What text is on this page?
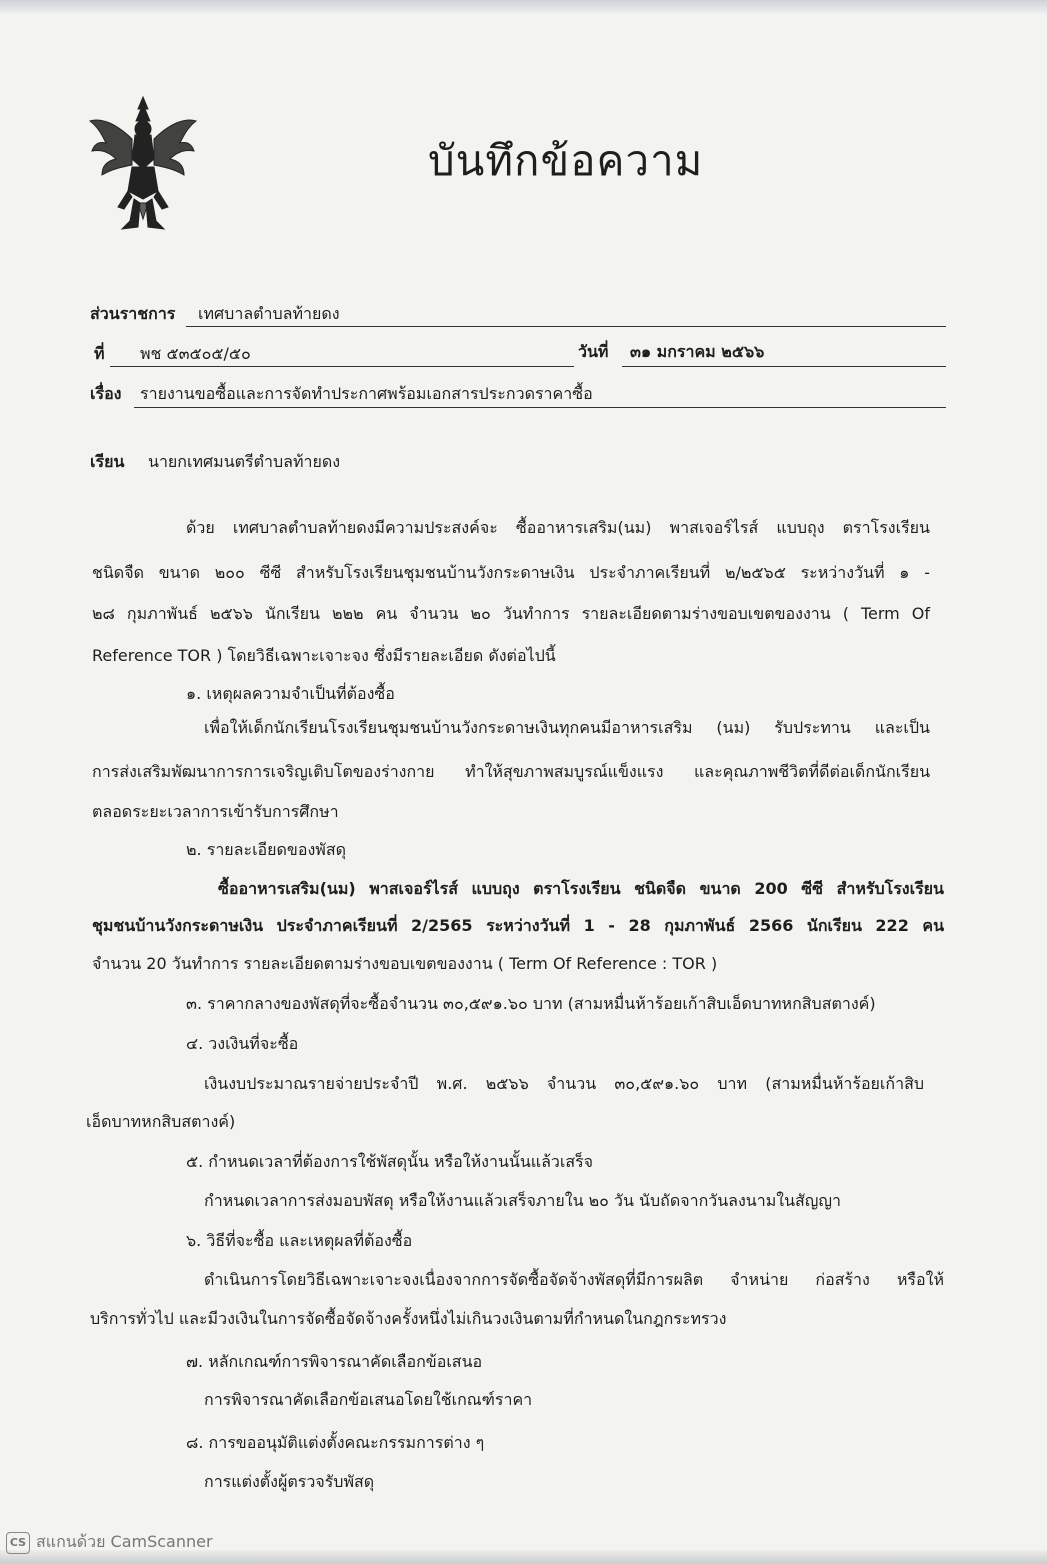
บันทึกข้อความ
ส่วนราชการ เทศบาลตำบลท้ายดง
ที่ พช ๕๓๕๐๕/๕๐	วันที่ ๓๑ มกราคม ๒๕๖๖
เรื่อง รายงานขอซื้อและการจัดทำประกาศพร้อมเอกสารประกวดราคาซื้อ
เรียน นายกเทศมนตรีตำบลท้ายดง
ด้วย เทศบาลตำบลท้ายดงมีความประสงค์จะ ซื้ออาหารเสริม(นม) พาสเจอร์ไรส์ แบบถุง ตราโรงเรียน
ชนิดจืด ขนาด ๒๐๐ ซีซี สำหรับโรงเรียนชุมชนบ้านวังกระดาษเงิน ประจำภาคเรียนที่ ๒/๒๕๖๕ ระหว่างวันที่ ๑ -
๒๘ กุมภาพันธ์ ๒๕๖๖ นักเรียน ๒๒๒ คน จำนวน ๒๐ วันทำการ รายละเอียดตามร่างขอบเขตของงาน ( Term Of
Reference TOR ) โดยวิธีเฉพาะเจาะจง ซึ่งมีรายละเอียด ดังต่อไปนี้
๑. เหตุผลความจำเป็นที่ต้องซื้อ
เพื่อให้เด็กนักเรียนโรงเรียนชุมชนบ้านวังกระดาษเงินทุกคนมีอาหารเสริม (นม) รับประทาน และเป็น
การส่งเสริมพัฒนาการการเจริญเติบโตของร่างกาย ทำให้สุขภาพสมบูรณ์แข็งแรง และคุณภาพชีวิตที่ดีต่อเด็กนักเรียน
ตลอดระยะเวลาการเข้ารับการศึกษา
๒. รายละเอียดของพัสดุ
ซื้ออาหารเสริม(นม) พาสเจอร์ไรส์ แบบถุง ตราโรงเรียน ชนิดจืด ขนาด 200 ซีซี สำหรับโรงเรียน
ชุมชนบ้านวังกระดาษเงิน ประจำภาคเรียนที่ 2/2565 ระหว่างวันที่ 1 - 28 กุมภาพันธ์ 2566 นักเรียน 222 คน
จำนวน 20 วันทำการ รายละเอียดตามร่างขอบเขตของงาน ( Term Of Reference : TOR )
๓. ราคากลางของพัสดุที่จะซื้อจำนวน ๓๐,๕๙๑.๖๐ บาท (สามหมื่นห้าร้อยเก้าสิบเอ็ดบาทหกสิบสตางค์)
๔. วงเงินที่จะซื้อ
เงินงบประมาณรายจ่ายประจำปี พ.ศ. ๒๕๖๖ จำนวน ๓๐,๕๙๑.๖๐ บาท (สามหมื่นห้าร้อยเก้าสิบ
เอ็ดบาทหกสิบสตางค์)
๕. กำหนดเวลาที่ต้องการใช้พัสดุนั้น หรือให้งานนั้นแล้วเสร็จ
กำหนดเวลาการส่งมอบพัสดุ หรือให้งานแล้วเสร็จภายใน ๒๐ วัน นับถัดจากวันลงนามในสัญญา
๖. วิธีที่จะซื้อ และเหตุผลที่ต้องซื้อ
ดำเนินการโดยวิธีเฉพาะเจาะจงเนื่องจากการจัดซื้อจัดจ้างพัสดุที่มีการผลิต จำหน่าย ก่อสร้าง หรือให้
บริการทั่วไป และมีวงเงินในการจัดซื้อจัดจ้างครั้งหนึ่งไม่เกินวงเงินตามที่กำหนดในกฎกระทรวง
๗. หลักเกณฑ์การพิจารณาคัดเลือกข้อเสนอ
การพิจารณาคัดเลือกข้อเสนอโดยใช้เกณฑ์ราคา
๘. การขออนุมัติแต่งตั้งคณะกรรมการต่าง ๆ
การแต่งตั้งผู้ตรวจรับพัสดุ
CS สแกนด้วย CamScanner
